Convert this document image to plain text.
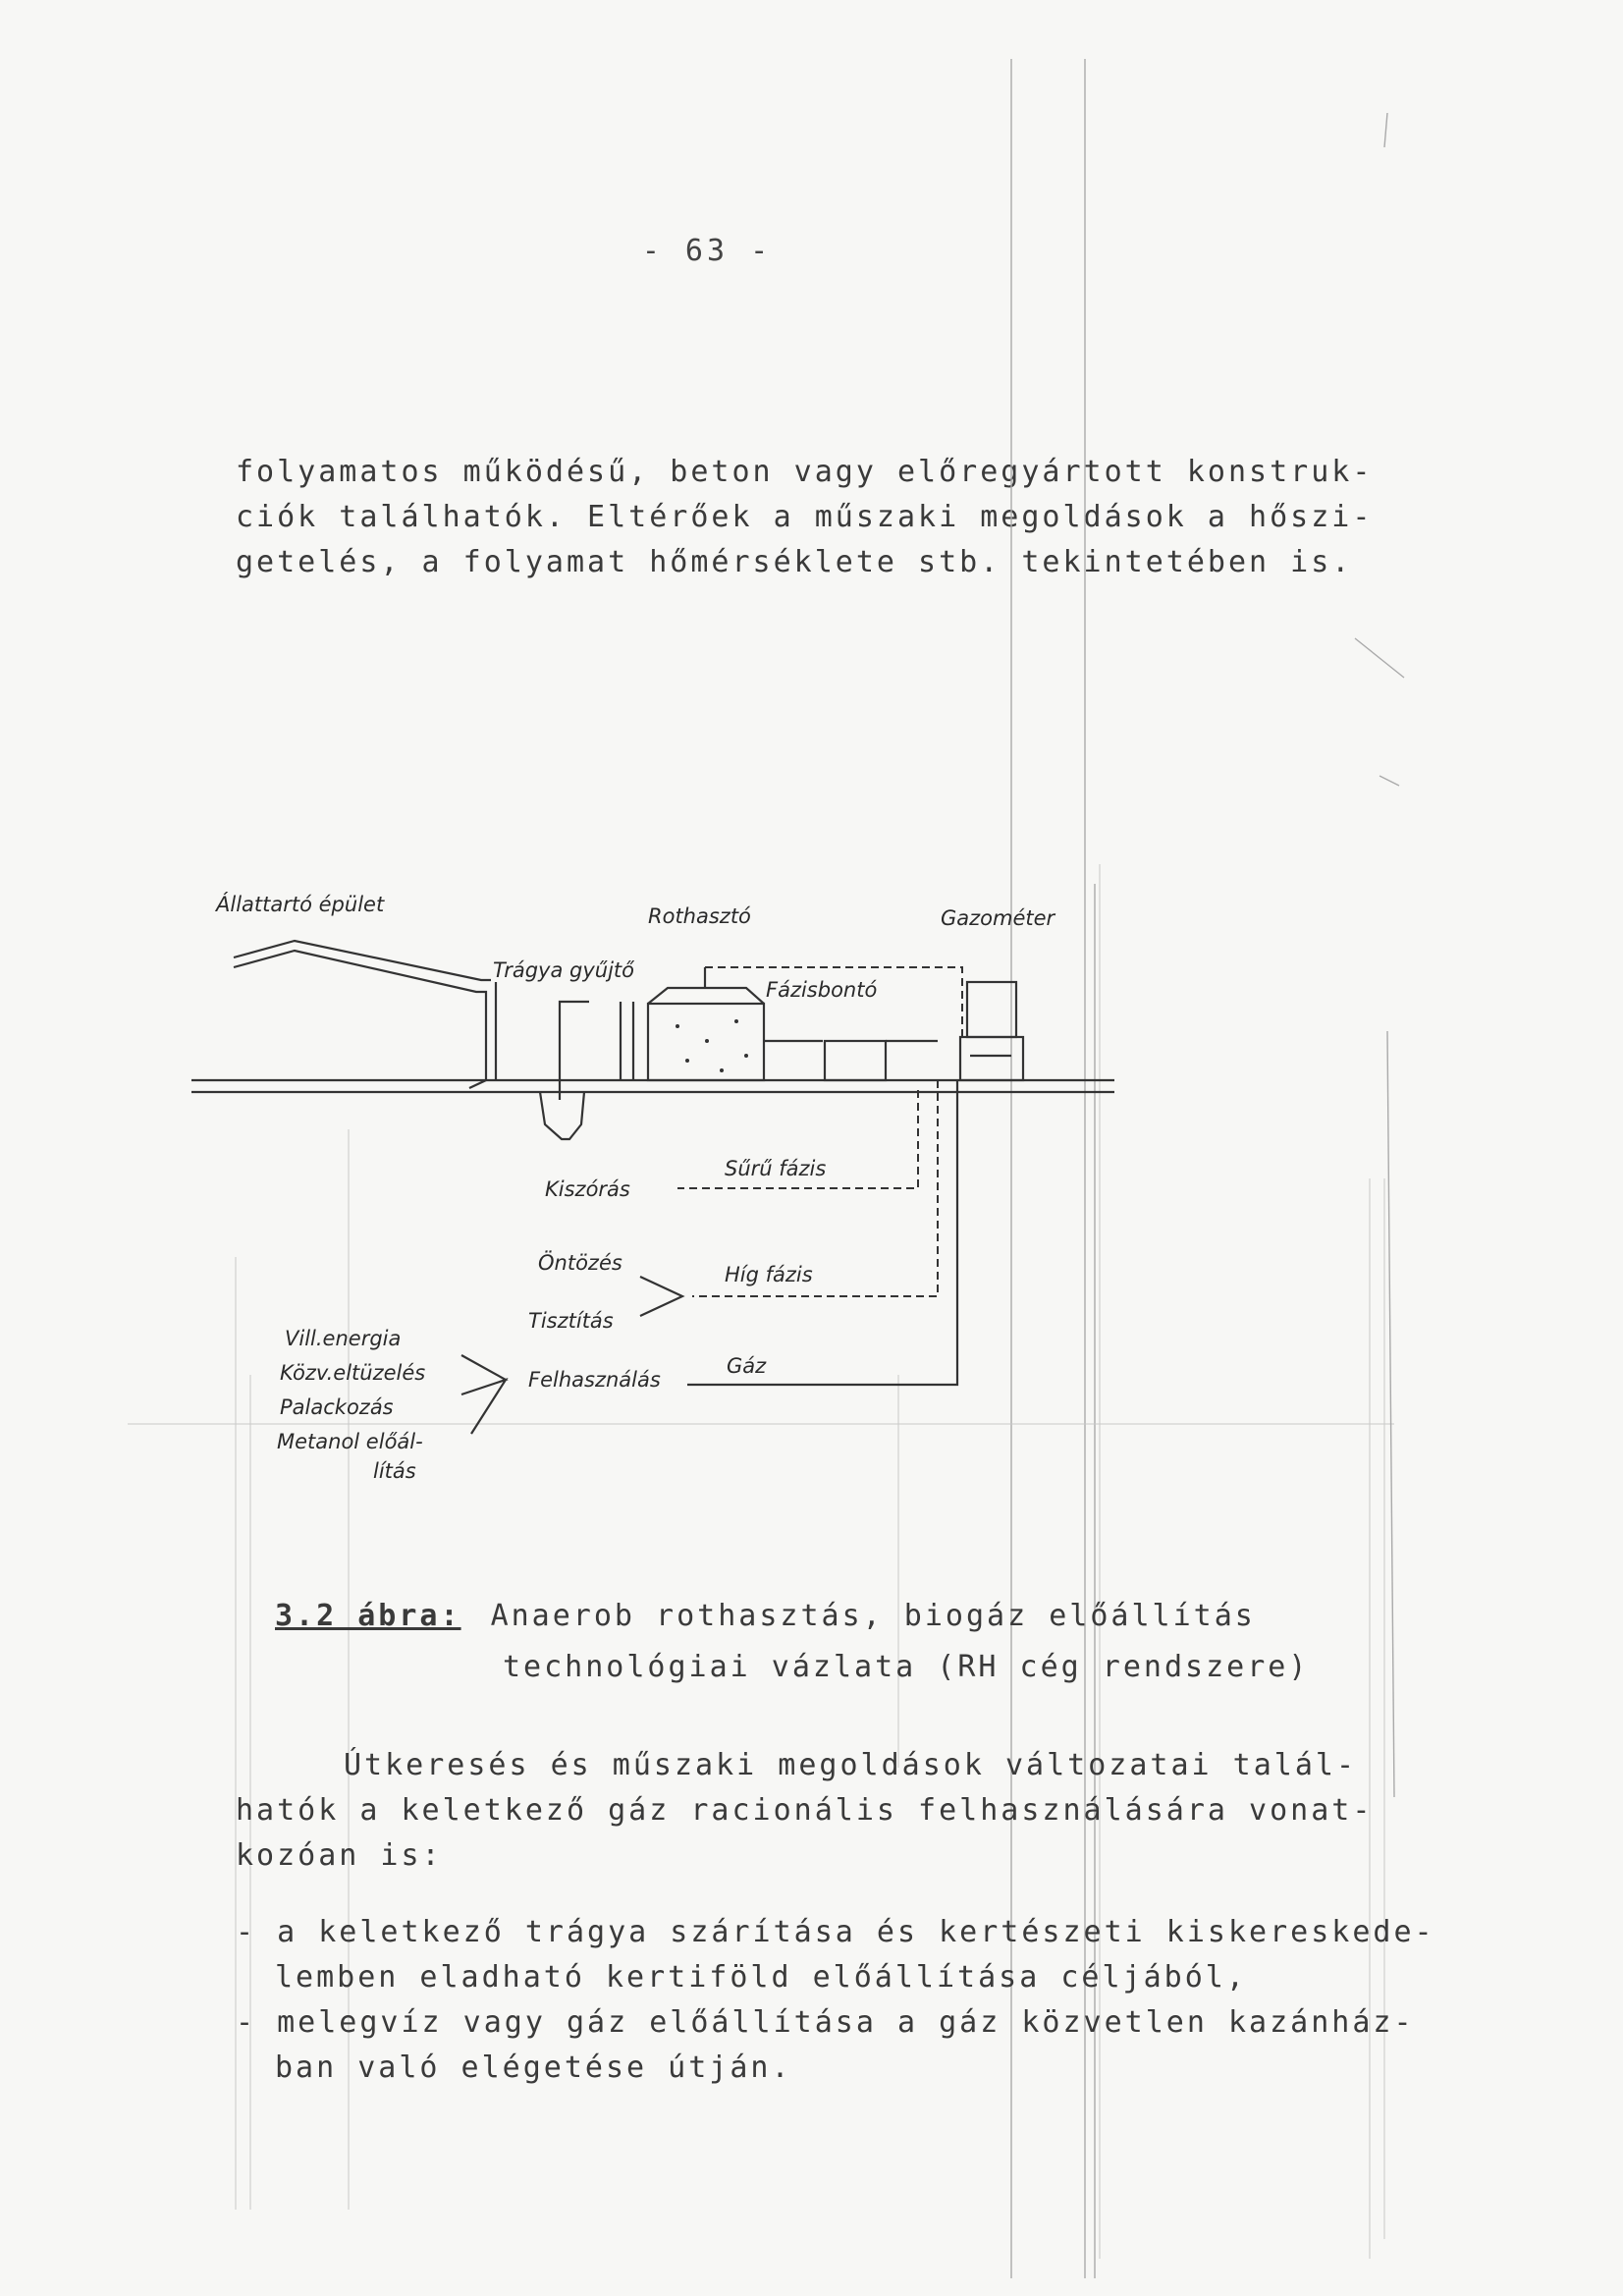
- 63 -

folyamatos működésű, beton vagy előregyártott konstruk-

ciók találhatók. Eltérőek a műszaki megoldások a hőszi-

getelés, a folyamat hőmérséklete stb. tekintetében is.

Állattartó épület
Trágya gyűjtő
Rothasztó
Fázisbontó
Gazométer
Sűrű fázis
Kiszórás
Híg fázis
Öntözés
Tisztítás
Gáz
Felhasználás
Vill.energia
Közv.eltüzelés
Palackozás
Metanol előál-
lítás
3.2 ábra: Anaerob rothasztás, biogáz előállítás
technológiai vázlata (RH cég rendszere)

Útkeresés és műszaki megoldások változatai talál-

hatók a keletkező gáz racionális felhasználására vonat-

kozóan is:

- a keletkező trágya szárítása és kertészeti kiskereskede-

lemben eladható kertiföld előállítása céljából,

- melegvíz vagy gáz előállítása a gáz közvetlen kazánház-

ban való elégetése útján.
